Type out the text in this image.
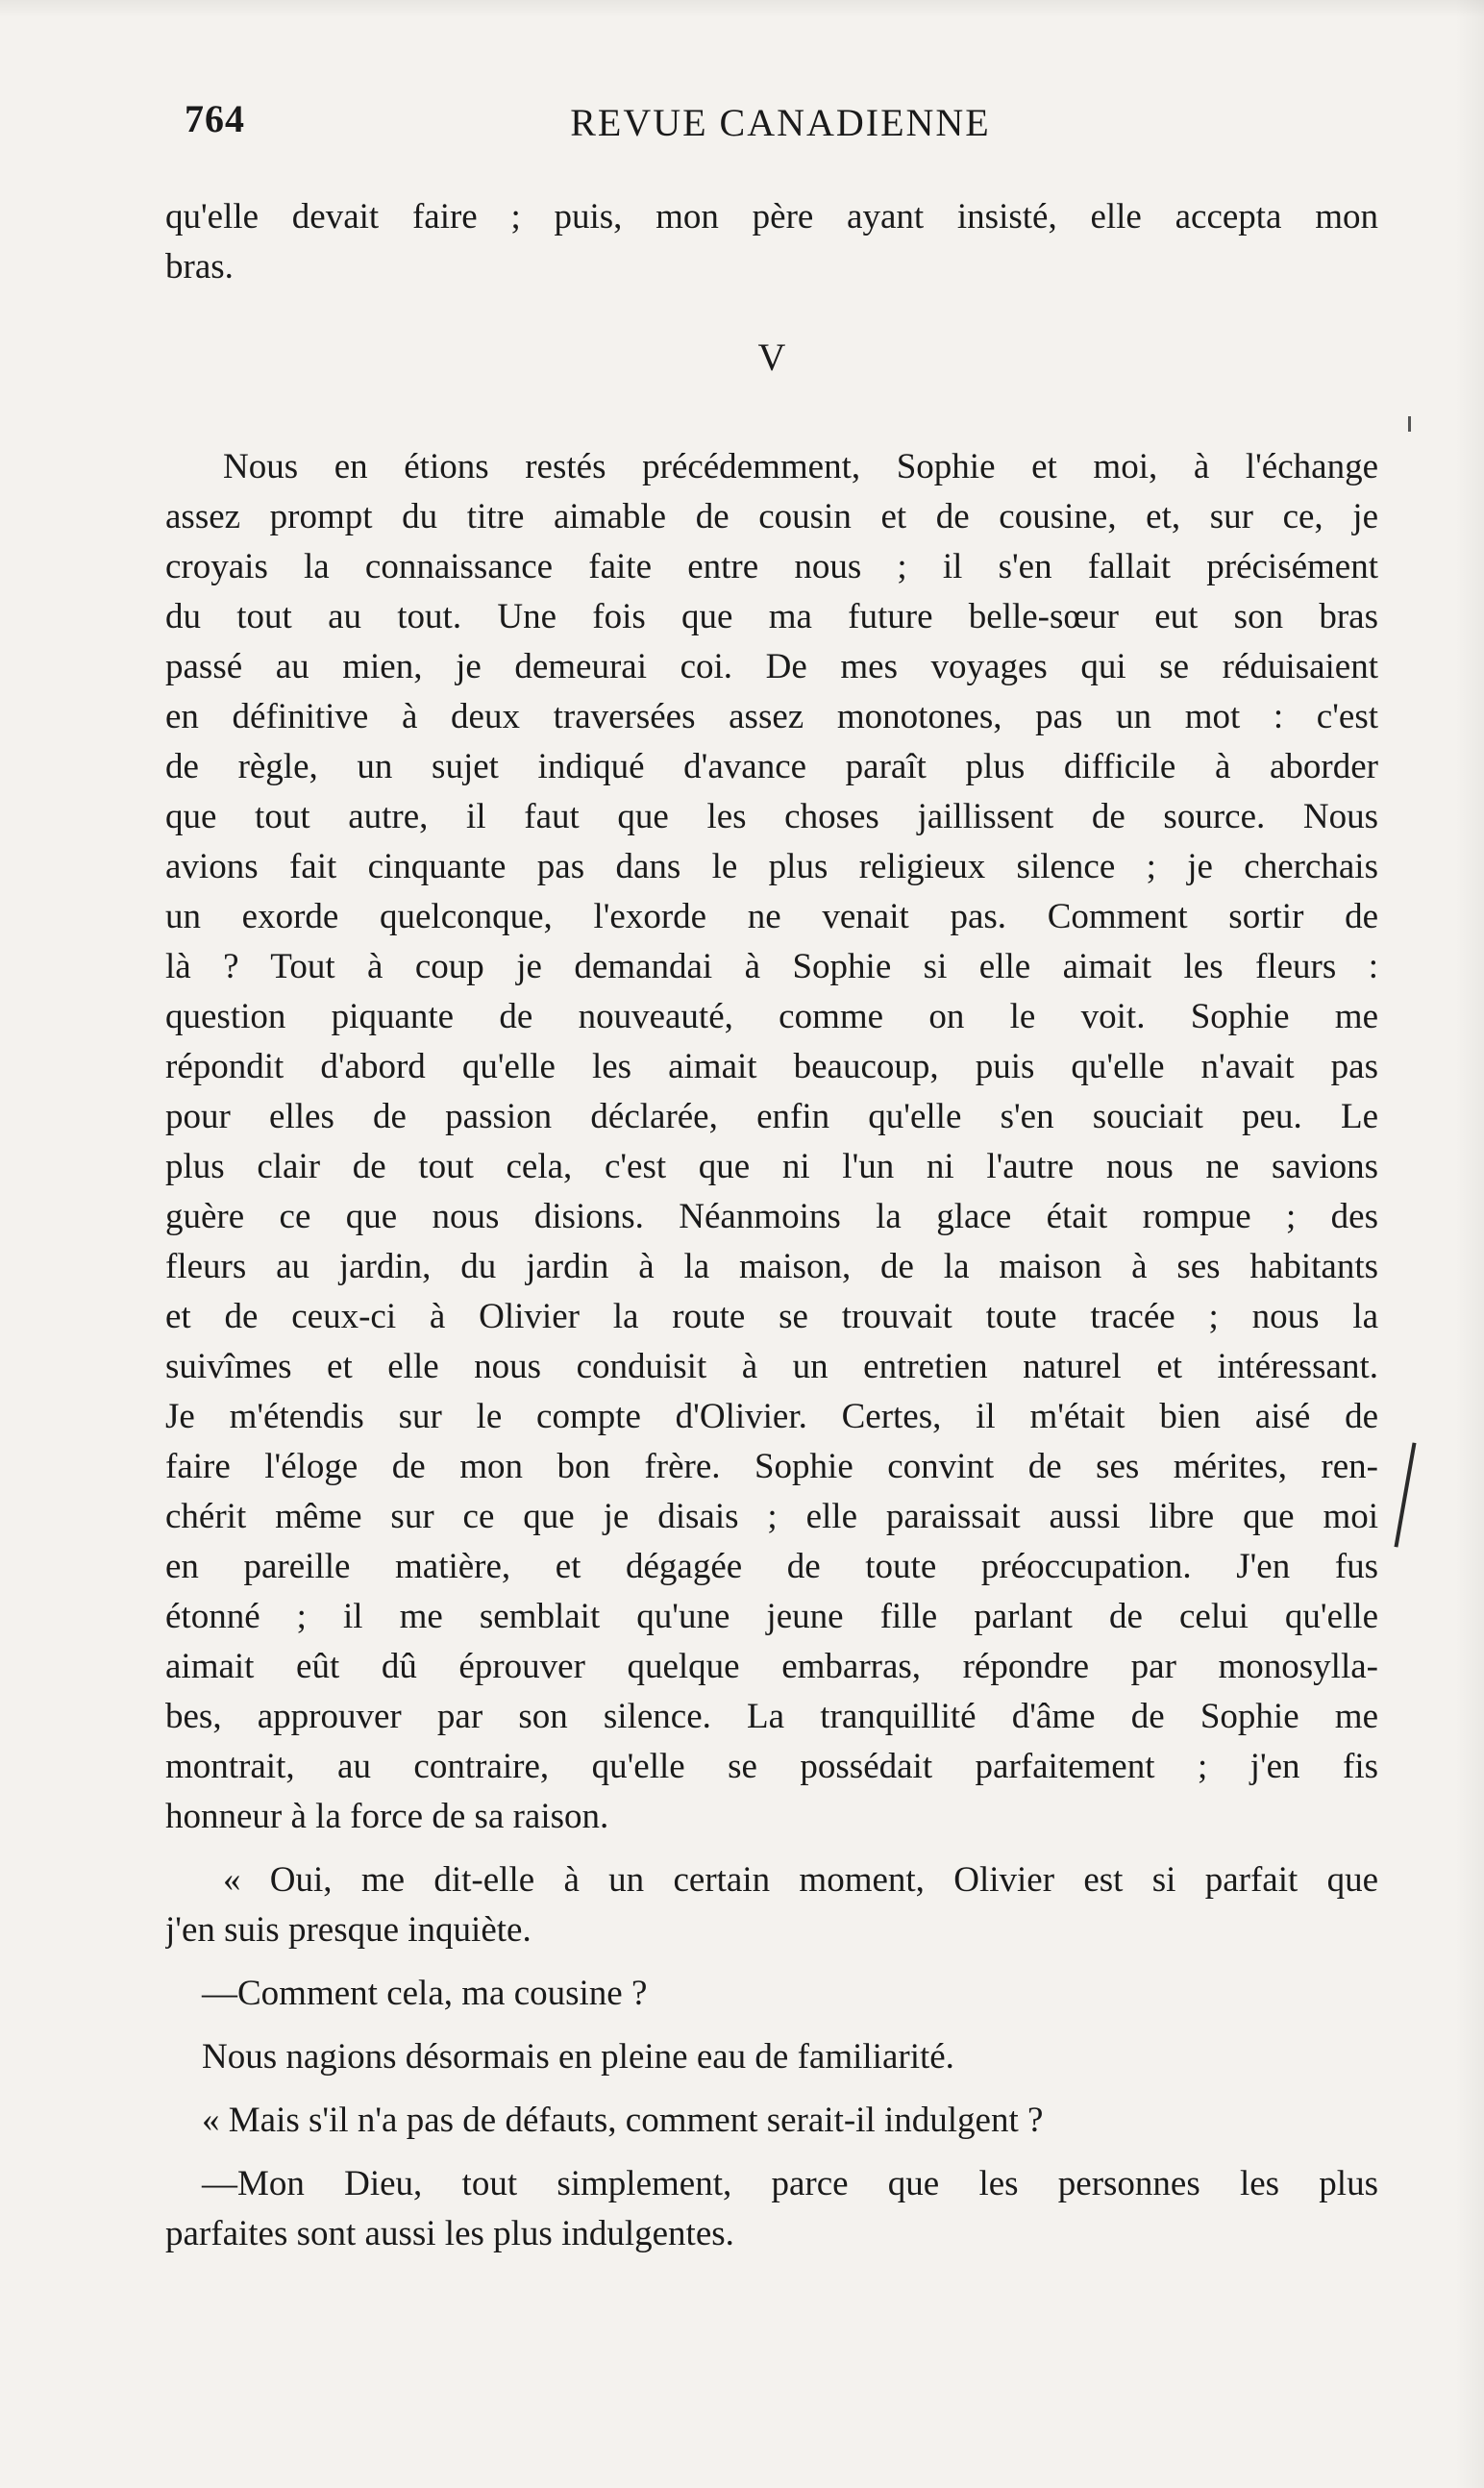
764	REVUE CANADIENNE
qu'elle devait faire ; puis, mon père ayant insisté, elle accepta mon
bras.
V
Nous en étions restés précédemment, Sophie et moi, à l'échange
assez prompt du titre aimable de cousin et de cousine, et, sur ce, je
croyais la connaissance faite entre nous ; il s'en fallait précisément
du tout au tout. Une fois que ma future belle-sœur eut son bras
passé au mien, je demeurai coi. De mes voyages qui se réduisaient
en définitive à deux traversées assez monotones, pas un mot : c'est
de règle, un sujet indiqué d'avance paraît plus difficile à aborder
que tout autre, il faut que les choses jaillissent de source. Nous
avions fait cinquante pas dans le plus religieux silence ; je cherchais
un exorde quelconque, l'exorde ne venait pas. Comment sortir de
là ? Tout à coup je demandai à Sophie si elle aimait les fleurs :
question piquante de nouveauté, comme on le voit. Sophie me
répondit d'abord qu'elle les aimait beaucoup, puis qu'elle n'avait pas
pour elles de passion déclarée, enfin qu'elle s'en souciait peu. Le
plus clair de tout cela, c'est que ni l'un ni l'autre nous ne savions
guère ce que nous disions. Néanmoins la glace était rompue ; des
fleurs au jardin, du jardin à la maison, de la maison à ses habitants
et de ceux-ci à Olivier la route se trouvait toute tracée ; nous la
suivîmes et elle nous conduisit à un entretien naturel et intéressant.
Je m'étendis sur le compte d'Olivier. Certes, il m'était bien aisé de
faire l'éloge de mon bon frère. Sophie convint de ses mérites, ren-
chérit même sur ce que je disais ; elle paraissait aussi libre que moi
en pareille matière, et dégagée de toute préoccupation. J'en fus
étonné ; il me semblait qu'une jeune fille parlant de celui qu'elle
aimait eût dû éprouver quelque embarras, répondre par monosylla-
bes, approuver par son silence. La tranquillité d'âme de Sophie me
montrait, au contraire, qu'elle se possédait parfaitement ; j'en fis
honneur à la force de sa raison.
« Oui, me dit-elle à un certain moment, Olivier est si parfait que
j'en suis presque inquiète.
—Comment cela, ma cousine ?
Nous nagions désormais en pleine eau de familiarité.
« Mais s'il n'a pas de défauts, comment serait-il indulgent ?
—Mon Dieu, tout simplement, parce que les personnes les plus
parfaites sont aussi les plus indulgentes.
